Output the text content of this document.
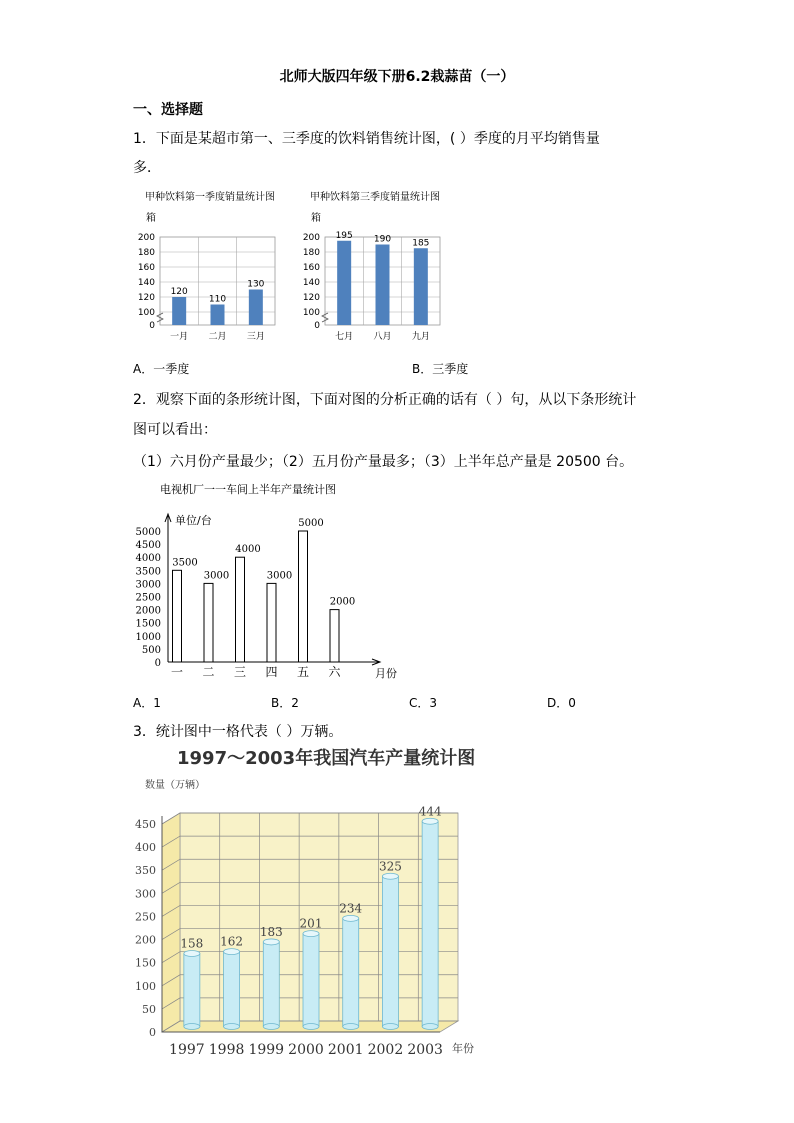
北师大版四年级下册6.2栽蒜苗（一）
一、选择题
1．下面是某超市第一、三季度的饮料销售统计图，( ）季度的月平均销售量
多．
甲种饮料第一季度销量统计图
箱
0
100
120
140
160
180
200
120
一月
110
二月
130
三月
甲种饮料第三季度销量统计图
箱
0
100
120
140
160
180
200 195
七月
190
八月
185
九月
A．一季度	B．三季度
2．观察下面的条形统计图，下面对图的分析正确的话有（ ）句，从以下条形统计
图可以看出：
（1）六月份产量最少；（2）五月份产量最多；（3）上半年总产量是 20500 台。
电视机厂一一车间上半年产量统计图
单位/台
月份
0
500
1000
1500
2000
2500
3000
3500
4000
4500
5000
3500
一
3000
二
4000
三
3000
四
5000
五
2000
六
A．1	B．2	C．3	D．0
3．统计图中一格代表（ ）万辆。
1997～2003年我国汽车产量统计图
数量（万辆）
0
50
100
150
200
250
300
350
400
450
158
1997
162
1998
183
1999
201
2000
234
2001
325
2002
444
2003 年份
